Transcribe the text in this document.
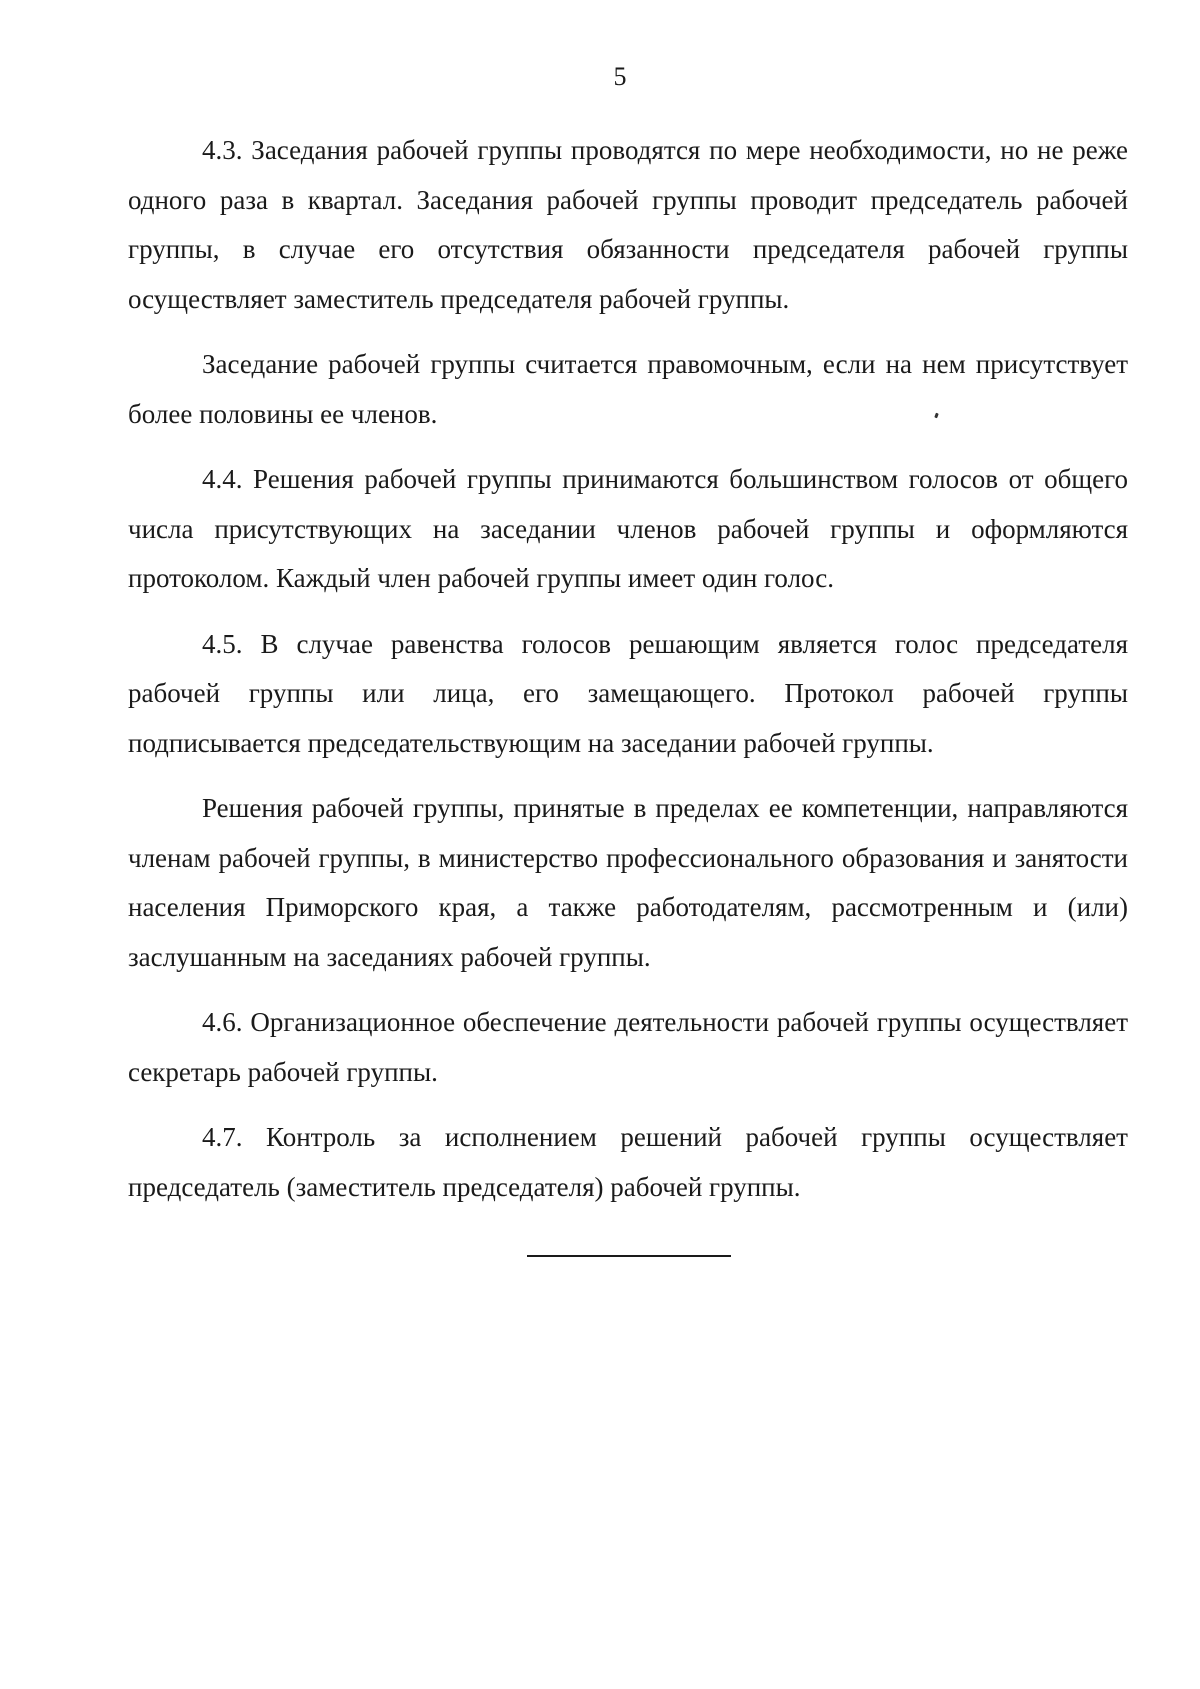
5

4.3. Заседания рабочей группы проводятся по мере необходимости, но не реже одного раза в квартал. Заседания рабочей группы проводит председатель рабочей группы, в случае его отсутствия обязанности председателя рабочей группы осуществляет заместитель председателя рабочей группы.

Заседание рабочей группы считается правомочным, если на нем присутствует более половины ее членов.

4.4. Решения рабочей группы принимаются большинством голосов от общего числа присутствующих на заседании членов рабочей группы и оформляются протоколом. Каждый член рабочей группы имеет один голос.

4.5. В случае равенства голосов решающим является голос председателя рабочей группы или лица, его замещающего. Протокол рабочей группы подписывается председательствующим на заседании рабочей группы.

Решения рабочей группы, принятые в пределах ее компетенции, направляются членам рабочей группы, в министерство профессионального образования и занятости населения Приморского края, а также работодателям, рассмотренным и (или) заслушанным на заседаниях рабочей группы.

4.6. Организационное обеспечение деятельности рабочей группы осуществляет секретарь рабочей группы.

4.7. Контроль за исполнением решений рабочей группы осуществляет председатель (заместитель председателя) рабочей группы.
